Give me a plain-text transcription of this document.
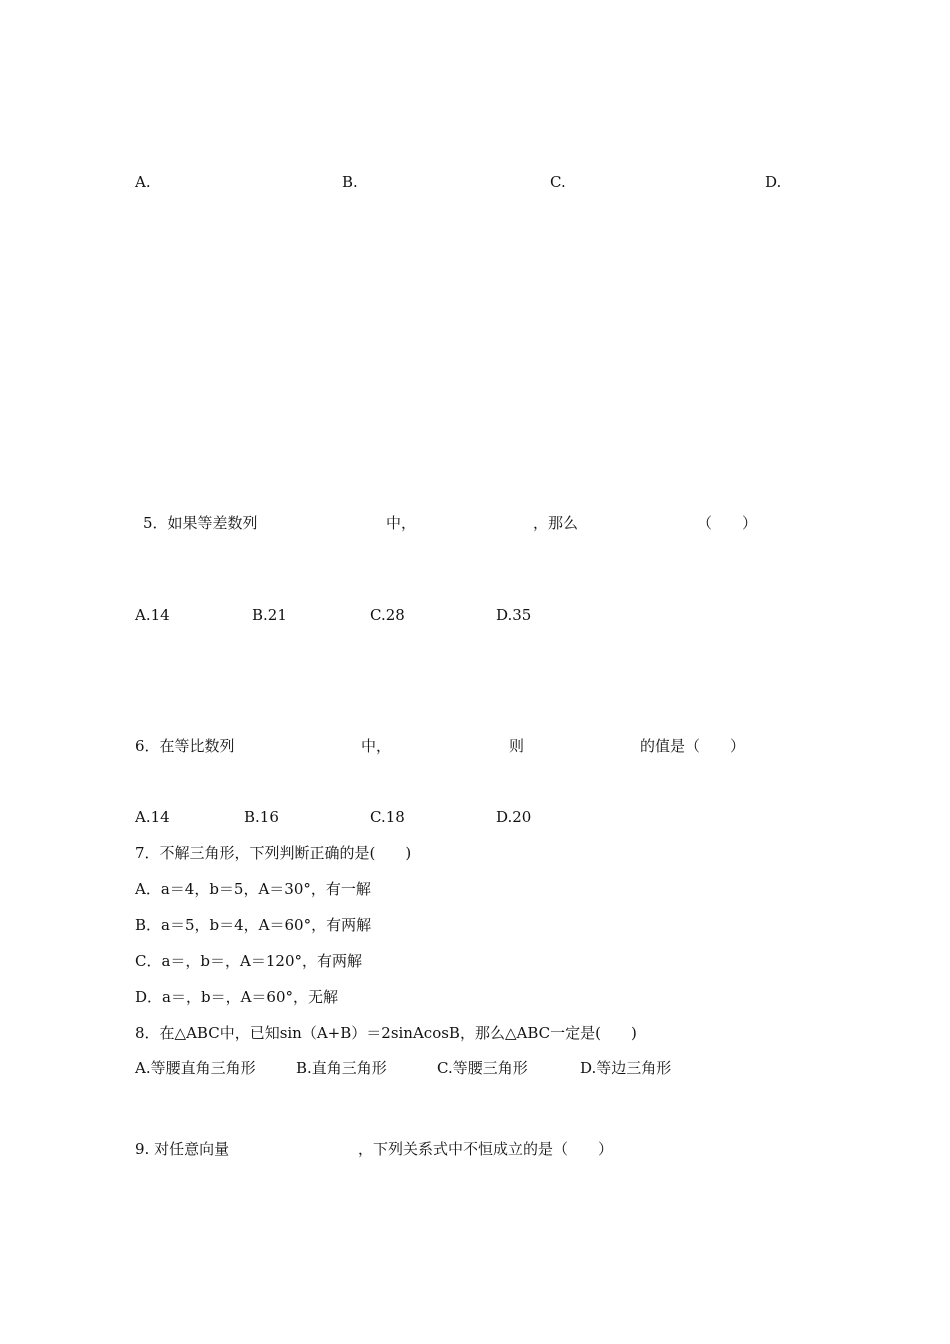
A.	B.	C.	D.
5．如果等差数列	中，	，那么	（　　）
A.14	B.21	C.28	D.35
6．在等比数列	中，	则	的值是（　　）
A.14	B.16	C.18	D.20
7．不解三角形，下列判断正确的是(　　)
A．a＝4，b＝5，A＝30°，有一解
B．a＝5，b＝4，A＝60°，有两解
C．a＝，b＝，A＝120°，有两解
D．a＝，b＝，A＝60°，无解
8．在△ABC中，已知sin（A+B）＝2sinAcosB，那么△ABC一定是(　　)
A.等腰直角三角形	B.直角三角形	C.等腰三角形	D.等边三角形
9. 对任意向量	，下列关系式中不恒成立的是（　　）
